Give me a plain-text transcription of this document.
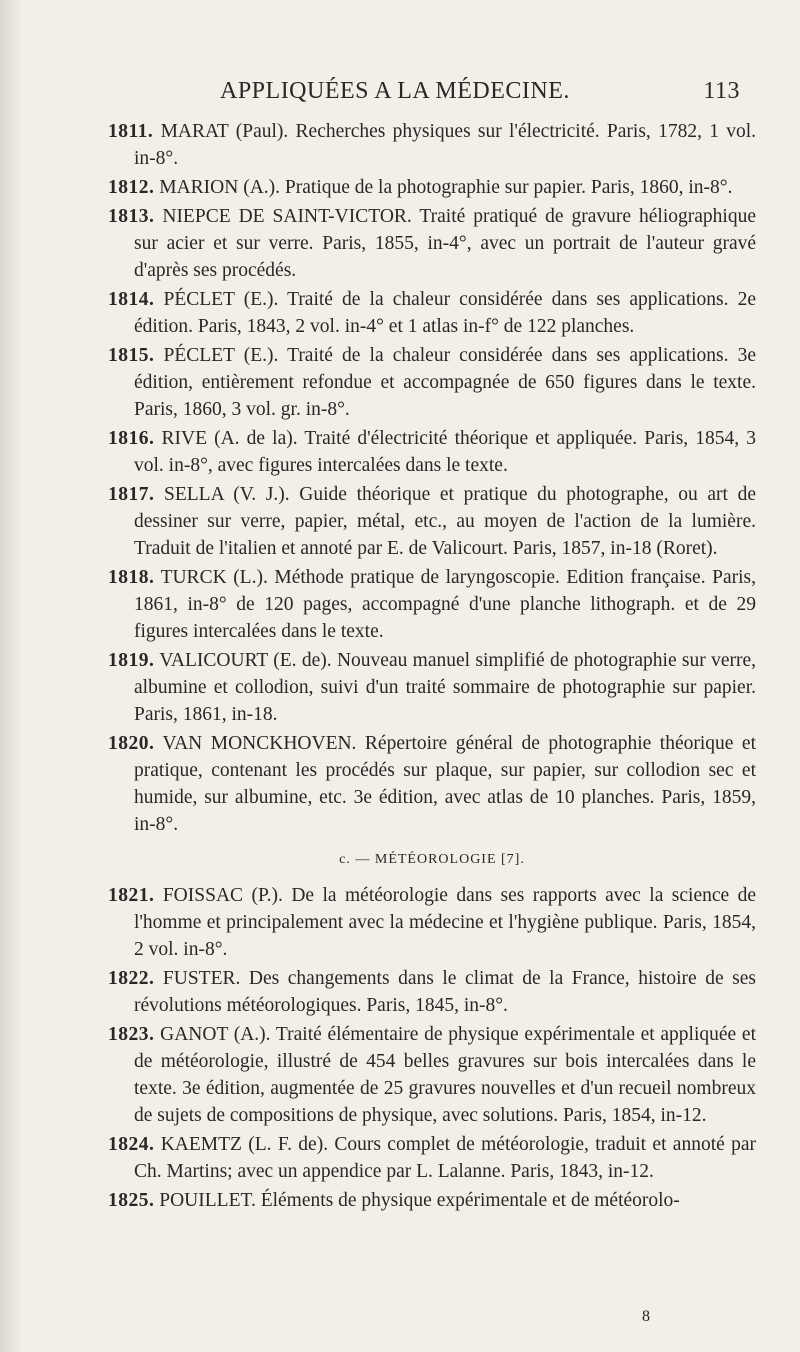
APPLIQUÉES A LA MÉDECINE.	113

1811. MARAT (Paul). Recherches physiques sur l'électricité. Paris, 1782, 1 vol. in-8°.

1812. MARION (A.). Pratique de la photographie sur papier. Paris, 1860, in-8°.

1813. NIEPCE DE SAINT-VICTOR. Traité pratiqué de gravure héliographique sur acier et sur verre. Paris, 1855, in-4°, avec un portrait de l'auteur gravé d'après ses procédés.

1814. PÉCLET (E.). Traité de la chaleur considérée dans ses applications. 2e édition. Paris, 1843, 2 vol. in-4° et 1 atlas in-f° de 122 planches.

1815. PÉCLET (E.). Traité de la chaleur considérée dans ses applications. 3e édition, entièrement refondue et accompagnée de 650 figures dans le texte. Paris, 1860, 3 vol. gr. in-8°.

1816. RIVE (A. de la). Traité d'électricité théorique et appliquée. Paris, 1854, 3 vol. in-8°, avec figures intercalées dans le texte.

1817. SELLA (V. J.). Guide théorique et pratique du photographe, ou art de dessiner sur verre, papier, métal, etc., au moyen de l'action de la lumière. Traduit de l'italien et annoté par E. de Valicourt. Paris, 1857, in-18 (Roret).

1818. TURCK (L.). Méthode pratique de laryngoscopie. Edition française. Paris, 1861, in-8° de 120 pages, accompagné d'une planche lithograph. et de 29 figures intercalées dans le texte.

1819. VALICOURT (E. de). Nouveau manuel simplifié de photographie sur verre, albumine et collodion, suivi d'un traité sommaire de photographie sur papier. Paris, 1861, in-18.

1820. VAN MONCKHOVEN. Répertoire général de photographie théorique et pratique, contenant les procédés sur plaque, sur papier, sur collodion sec et humide, sur albumine, etc. 3e édition, avec atlas de 10 planches. Paris, 1859, in-8°.

c. — MÉTÉOROLOGIE [7].

1821. FOISSAC (P.). De la météorologie dans ses rapports avec la science de l'homme et principalement avec la médecine et l'hygiène publique. Paris, 1854, 2 vol. in-8°.

1822. FUSTER. Des changements dans le climat de la France, histoire de ses révolutions météorologiques. Paris, 1845, in-8°.

1823. GANOT (A.). Traité élémentaire de physique expérimentale et appliquée et de météorologie, illustré de 454 belles gravures sur bois intercalées dans le texte. 3e édition, augmentée de 25 gravures nouvelles et d'un recueil nombreux de sujets de compositions de physique, avec solutions. Paris, 1854, in-12.

1824. KAEMTZ (L. F. de). Cours complet de météorologie, traduit et annoté par Ch. Martins; avec un appendice par L. Lalanne. Paris, 1843, in-12.

1825. POUILLET. Éléments de physique expérimentale et de météorolo-

8
